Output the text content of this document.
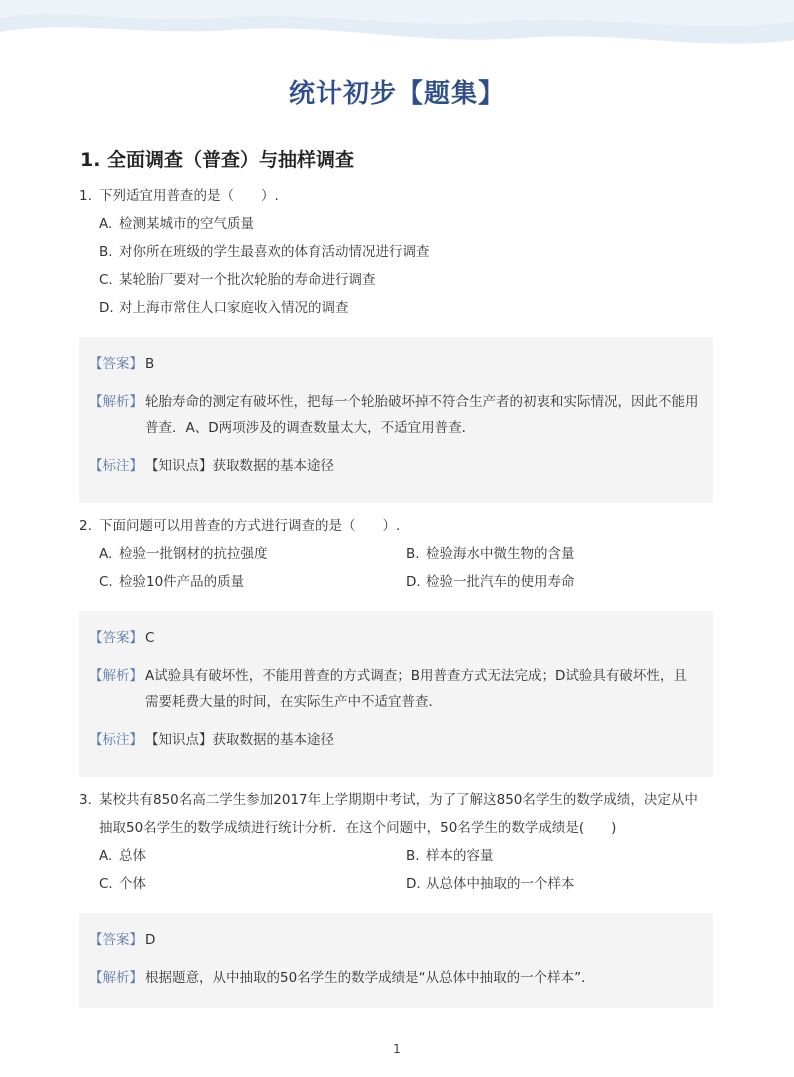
统计初步【题集】
1. 全面调查（普查）与抽样调查
1. 下列适宜用普查的是（　　）.
A. 检测某城市的空气质量
B. 对你所在班级的学生最喜欢的体育活动情况进行调查
C. 某轮胎厂要对一个批次轮胎的寿命进行调查
D. 对上海市常住人口家庭收入情况的调查
【答案】 B
【解析】 轮胎寿命的测定有破坏性，把每一个轮胎破坏掉不符合生产者的初衷和实际情况，因此不能用普查．A、D两项涉及的调查数量太大，不适宜用普查．
【标注】 【知识点】获取数据的基本途径
2. 下面问题可以用普查的方式进行调查的是（　　）.
A. 检验一批钢材的抗拉强度	B. 检验海水中微生物的含量
C. 检验10件产品的质量	D. 检验一批汽车的使用寿命
【答案】 C
【解析】 A试验具有破坏性，不能用普查的方式调查；B用普查方式无法完成；D试验具有破坏性，且需要耗费大量的时间，在实际生产中不适宜普查．
【标注】 【知识点】获取数据的基本途径
3. 某校共有850名高二学生参加2017年上学期期中考试，为了了解这850名学生的数学成绩，决定从中抽取50名学生的数学成绩进行统计分析．在这个问题中，50名学生的数学成绩是(　　)
A. 总体	B. 样本的容量
C. 个体	D. 从总体中抽取的一个样本
【答案】 D
【解析】 根据题意，从中抽取的50名学生的数学成绩是“从总体中抽取的一个样本”．
1
